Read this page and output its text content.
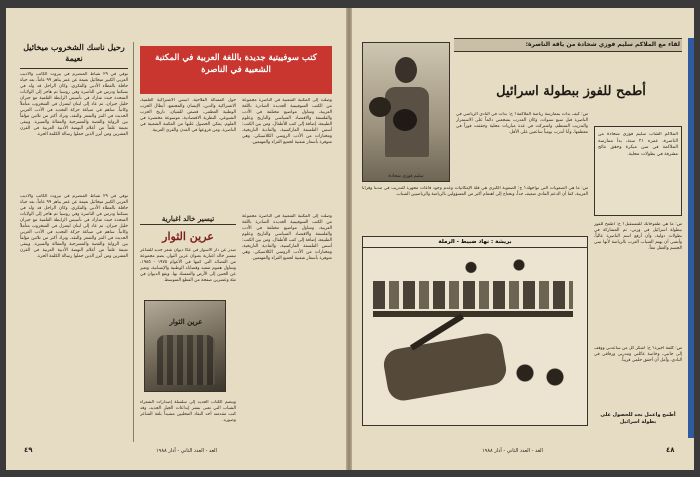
رحيل ناسك الشخروب ميخائيل نعيمة
توفي في ٢٩ شباط المنصرم في بيروت الكاتب والأديب العربي الكبير ميخائيل نعيمة عن عمر يناهز ٩٩ عاماً، بعد حياة حافلة بالعطاء الأدبي والفكري، وكان الراحل قد ولد في بسكنتا ودرس في الناصرة وفي روسيا ثم هاجر إلى الولايات المتحدة حيث شارك في تأسيس الرابطة القلمية مع جبران خليل جبران، ثم عاد إلى لبنان ليعتزل في الشخروب متأملاً وكاتباً. ساهم في صياغة حركة التجديد في الأدب العربي الحديث في النثر والشعر والنقد، وترك أكثر من ثلاثين مؤلفاً بين الرواية والقصة والمسرحية والمقالة والسيرة. ويبقى نعيمة علماً من أعلام النهضة الأدبية العربية في القرن العشرين ومن أبرز الذين حملوا رسالة الكلمة الحرة.
توفي في ٢٩ شباط المنصرم في بيروت الكاتب والأديب العربي الكبير ميخائيل نعيمة عن عمر يناهز ٩٩ عاماً، بعد حياة حافلة بالعطاء الأدبي والفكري، وكان الراحل قد ولد في بسكنتا ودرس في الناصرة وفي روسيا ثم هاجر إلى الولايات المتحدة حيث شارك في تأسيس الرابطة القلمية مع جبران خليل جبران، ثم عاد إلى لبنان ليعتزل في الشخروب متأملاً وكاتباً. ساهم في صياغة حركة التجديد في الأدب العربي الحديث في النثر والشعر والنقد، وترك أكثر من ثلاثين مؤلفاً بين الرواية والقصة والمسرحية والمقالة والسيرة. ويبقى نعيمة علماً من أعلام النهضة الأدبية العربية في القرن العشرين ومن أبرز الذين حملوا رسالة الكلمة الحرة.
كتب سوفييتية جديدة باللغة العربية في المكتبة الشعبية في الناصرة
وصلت إلى المكتبة الشعبية في الناصرة مجموعة من الكتب السوفييتية الجديدة الصادرة باللغة العربية، وتتناول مواضيع مختلفة في الأدب والفلسفة والاقتصاد السياسي والتاريخ وعلوم الطبيعة، إضافة إلى كتب للأطفال. ومن بين الكتب: أسس الفلسفة الماركسية، والمادية التاريخية، ومختارات من الأدب الروسي الكلاسيكي. وهي متوفرة بأسعار شعبية لجميع القراء والمهتمين.
حول المسألة الفلاحية، أسس الاشتراكية العلمية، الاشتراكية والدين، الإنسان والمجتمع، أبطال الحرب الوطنية العظمى، قصص للفتيان، تاريخ الحزب الشيوعي، النظرية الاقتصادية، موسوعة مختصرة في العلوم. يمكن الحصول عليها من المكتبة الشعبية في الناصرة، ومن فروعها في المدن والقرى العربية.
وصلت إلى المكتبة الشعبية في الناصرة مجموعة من الكتب السوفييتية الجديدة الصادرة باللغة العربية، وتتناول مواضيع مختلفة في الأدب والفلسفة والاقتصاد السياسي والتاريخ وعلوم الطبيعة، إضافة إلى كتب للأطفال. ومن بين الكتب: أسس الفلسفة الماركسية، والمادية التاريخية، ومختارات من الأدب الروسي الكلاسيكي. وهي متوفرة بأسعار شعبية لجميع القراء والمهتمين.
تيسير خالد اغبارية
عرين الثوار
صدر عن دار الأسوار في عكا ديوان شعر جديد للشاعر تيسير خالد اغبارية بعنوان عرين الثوار، يضم مجموعة من القصائد التي كتبها في الأعوام ١٩٧٥ - ١٩٨٥، وتتناول هموم شعبه وقضاياه الوطنية والإنسانية، وتعبر عن الحنين إلى الأرض والتمسك بها. ويقع الديوان في مئة وعشرين صفحة من القطع المتوسط.
عرين الثوار
وينضم الكتاب الجديد إلى سلسلة إصدارات الشعراء الشباب التي تعنى بنشر إبداعات الجيل الجديد، وقد كتب مقدمته أحد النقاد المحليين مشيداً بلغة الشاعر وصوره.
الغد - العدد الثاني - آذار ١٩٨٨
٤٩
لقاء مع الملاكم سليم فوزي شحادة من ياقة الناصرة:
سليم فوزي شحادة
أطمح للفوز ببطولة اسرائيل
الملاكم الشاب سليم فوزي شحادة من الناصرة، عمره ٢١ سنة، بدأ ممارسة الملاكمة في سن مبكرة وحقق نتائج مشرفة في بطولات محلية.
س: كيف بدأت بممارسة رياضة الملاكمة؟ ج: بدأت في النادي الرياضي في الناصرة قبل سبع سنوات، وكان المدرب يشجعني دائماً على الاستمرار والتدريب المنتظم، واشتركت في عدة مباريات محلية وحققت فوزاً في معظمها، وأنا أتدرب يومياً ساعتين على الأقل.
س: ما هي الصعوبات التي تواجهك؟ ج: الصعوبة الكبرى هي قلة الإمكانيات وعدم وجود قاعات مجهزة للتدريب في مدننا وقرانا العربية، كما أن الدعم المادي ضعيف جداً، ونحتاج إلى اهتمام أكبر من المسؤولين بالرياضة والرياضيين الشباب.
س: ما هي طموحاتك للمستقبل؟ ج: أطمح للفوز ببطولة اسرائيل في وزني، ثم المشاركة في بطولات دولية، وأن أرفع اسم الناصرة عالياً، وأتمنى أن يهتم الشباب العرب بالرياضة لأنها تبني الجسم والعقل معاً.
س: كلمة أخيرة؟ ج: أشكر كل من ساعدني ووقف إلى جانبي، وخاصة عائلتي ومدربي ورفاقي في النادي، وآمل أن أحقق حلمي قريباً.
أطمح واعمل بجد للحصول على بطولة اسرائيل
بريشة : نهاد ضبيط - الرملة
الغد - العدد الثاني - آذار ١٩٨٨	٤٨
